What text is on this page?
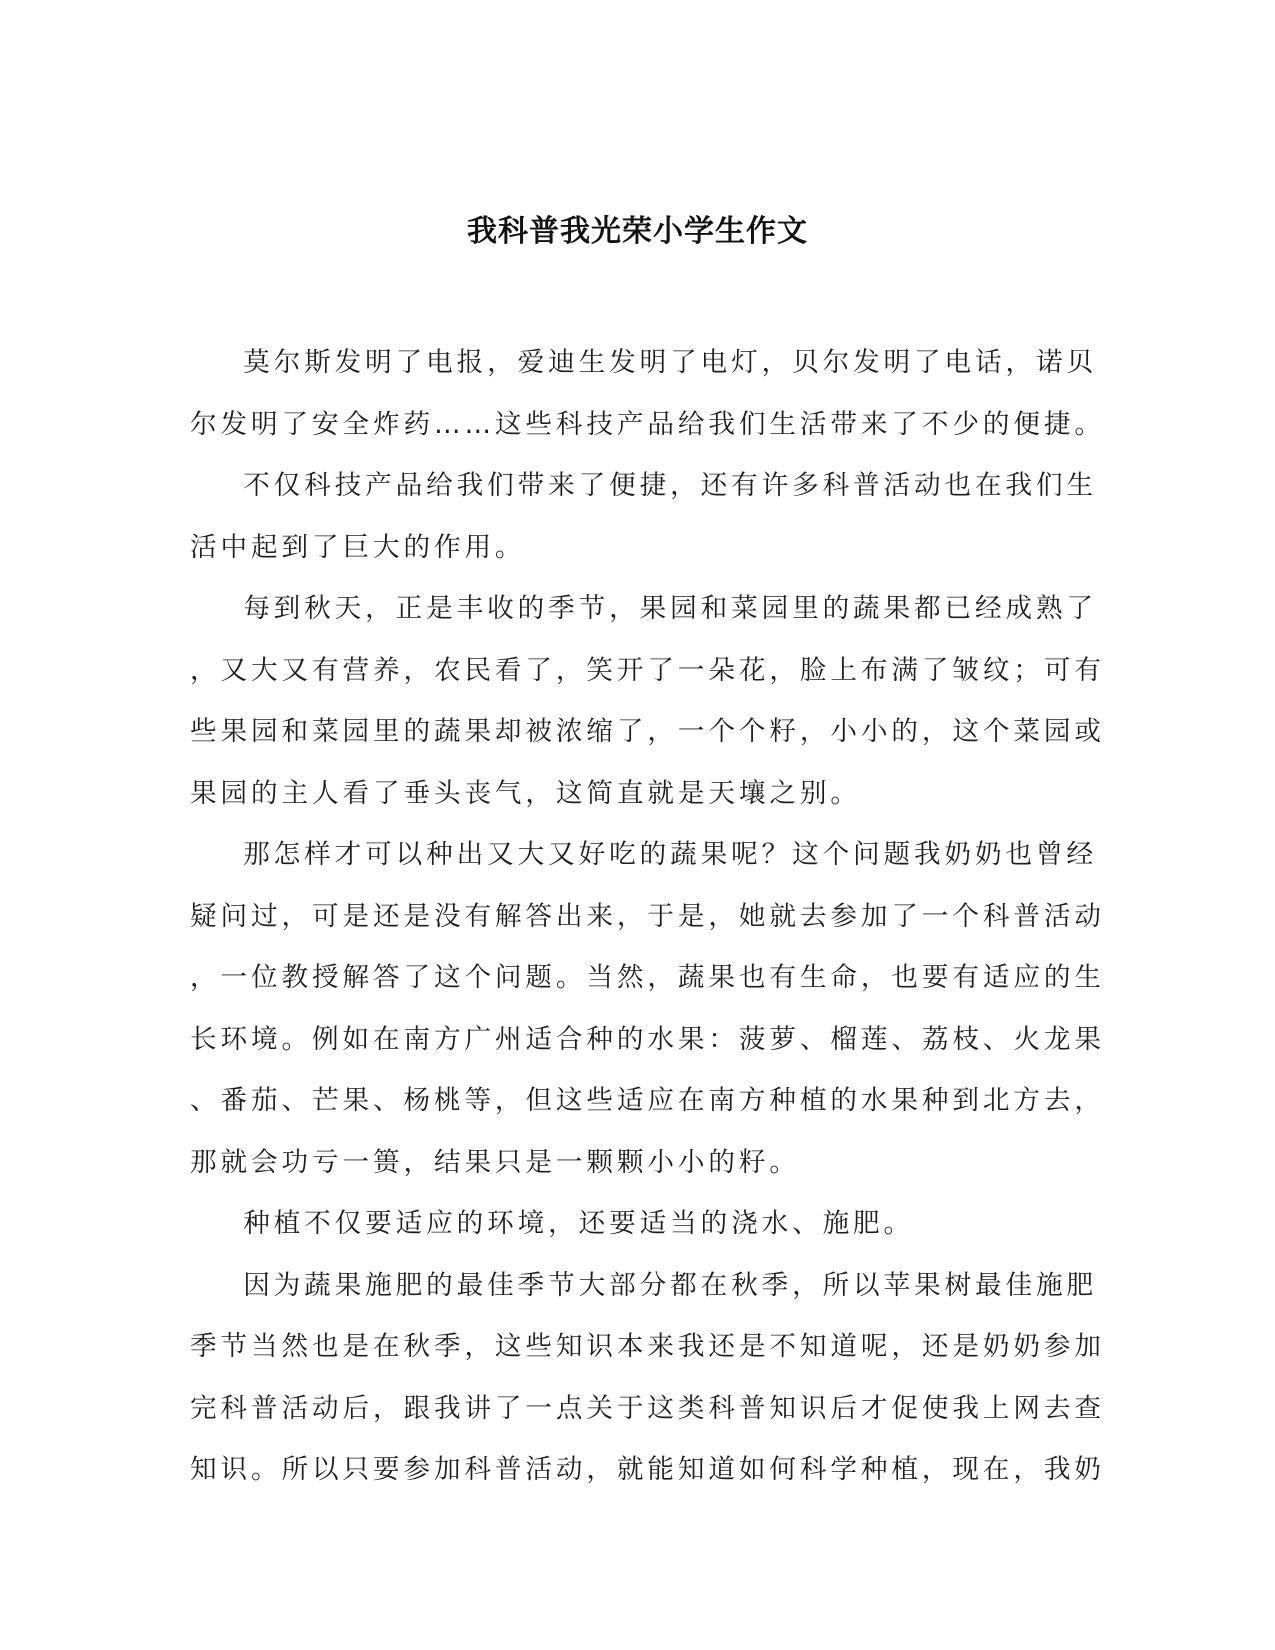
我科普我光荣小学生作文
莫尔斯发明了电报，爱迪生发明了电灯，贝尔发明了电话，诺贝
尔发明了安全炸药……这些科技产品给我们生活带来了不少的便捷。
不仅科技产品给我们带来了便捷，还有许多科普活动也在我们生
活中起到了巨大的作用。
每到秋天，正是丰收的季节，果园和菜园里的蔬果都已经成熟了
，又大又有营养，农民看了，笑开了一朵花，脸上布满了皱纹；可有
些果园和菜园里的蔬果却被浓缩了，一个个籽，小小的，这个菜园或
果园的主人看了垂头丧气，这简直就是天壤之别。
那怎样才可以种出又大又好吃的蔬果呢？这个问题我奶奶也曾经
疑问过，可是还是没有解答出来，于是，她就去参加了一个科普活动
，一位教授解答了这个问题。当然，蔬果也有生命，也要有适应的生
长环境。例如在南方广州适合种的水果：菠萝、榴莲、荔枝、火龙果
、番茄、芒果、杨桃等，但这些适应在南方种植的水果种到北方去，
那就会功亏一篑，结果只是一颗颗小小的籽。
种植不仅要适应的环境，还要适当的浇水、施肥。
因为蔬果施肥的最佳季节大部分都在秋季，所以苹果树最佳施肥
季节当然也是在秋季，这些知识本来我还是不知道呢，还是奶奶参加
完科普活动后，跟我讲了一点关于这类科普知识后才促使我上网去查
知识。所以只要参加科普活动，就能知道如何科学种植，现在，我奶
